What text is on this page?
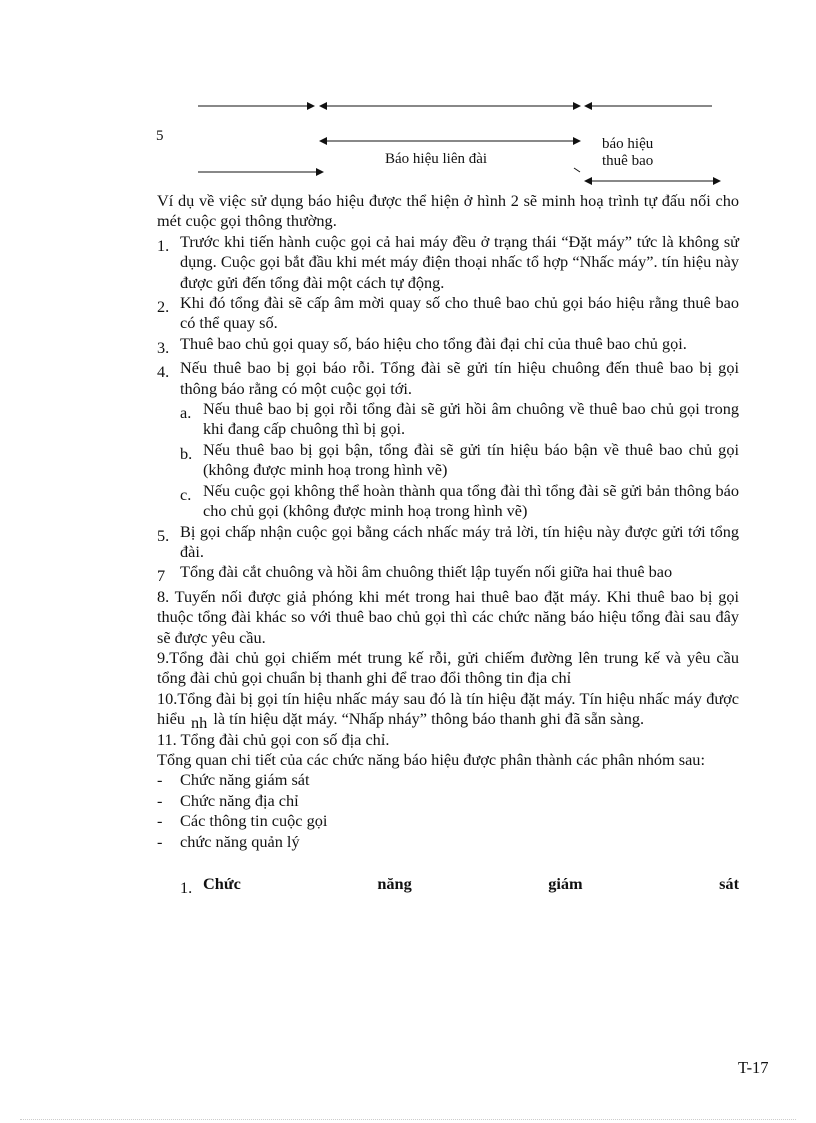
5
Báo hiệu liên đài
báo hiệu
thuê bao

Ví dụ về việc sử dụng báo hiệu được thể hiện ở hình 2 sẽ minh hoạ trình tự đấu nối cho mét cuộc gọi thông thường.

1. Trước khi tiến hành cuộc gọi cả hai máy đều ở trạng thái “Đặt máy” tức là không sử dụng. Cuộc gọi bắt đầu khi mét máy điện thoại nhấc tổ hợp “Nhấc máy”. tín hiệu này được gửi đến tổng đài một cách tự động.
2. Khi đó tổng đài sẽ cấp âm mời quay số cho thuê bao chủ gọi báo hiệu rằng thuê bao có thể quay số.
3. Thuê bao chủ gọi quay số, báo hiệu cho tổng đài đại chỉ của thuê bao chủ gọi.
4. Nếu thuê bao bị gọi báo rỗi. Tổng đài sẽ gửi tín hiệu chuông đến thuê bao bị gọi thông báo rằng có một cuộc gọi tới.
a. Nếu thuê bao bị gọi rỗi tổng đài sẽ gửi hồi âm chuông về thuê bao chủ gọi trong khi đang cấp chuông thì bị gọi.
b. Nếu thuê bao bị gọi bận, tổng đài sẽ gửi tín hiệu báo bận về thuê bao chủ gọi (không được minh hoạ trong hình vẽ)
c. Nếu cuộc gọi không thể hoàn thành qua tổng đài thì tổng đài sẽ gửi bản thông báo cho chủ gọi (không được minh hoạ trong hình vẽ)
5. Bị gọi chấp nhận cuộc gọi bằng cách nhấc máy trả lời, tín hiệu này được gửi tới tổng đài.
7 Tổng đài cắt chuông và hồi âm chuông thiết lập tuyến nối giữa hai thuê bao

8. Tuyến nối được giả phóng khi mét trong hai thuê bao đặt máy. Khi thuê bao bị gọi thuộc tổng đài khác so với thuê bao chủ gọi thì các chức năng báo hiệu tổng đài sau đây sẽ được yêu cầu.

9.Tổng đài chủ gọi chiếm mét trung kế rỗi, gửi chiếm đường lên trung kế và yêu cầu tổng đài chủ gọi chuẩn bị thanh ghi để trao đổi thông tin địa chỉ

10.Tổng đài bị gọi tín hiệu nhấc máy sau đó là tín hiệu đặt máy. Tín hiệu nhấc máy được hiểu nh là tín hiệu dặt máy. “Nhấp nháy” thông báo thanh ghi đã sẵn sàng.

11. Tổng đài chủ gọi con số địa chỉ.

Tổng quan chi tiết của các chức năng báo hiệu được phân thành các phân nhóm sau:

-	Chức năng giám sát
-	Chức năng địa chỉ
-	Các thông tin cuộc gọi
-	chức năng quản lý
1. Chức	năng	giám	sát
T-17
